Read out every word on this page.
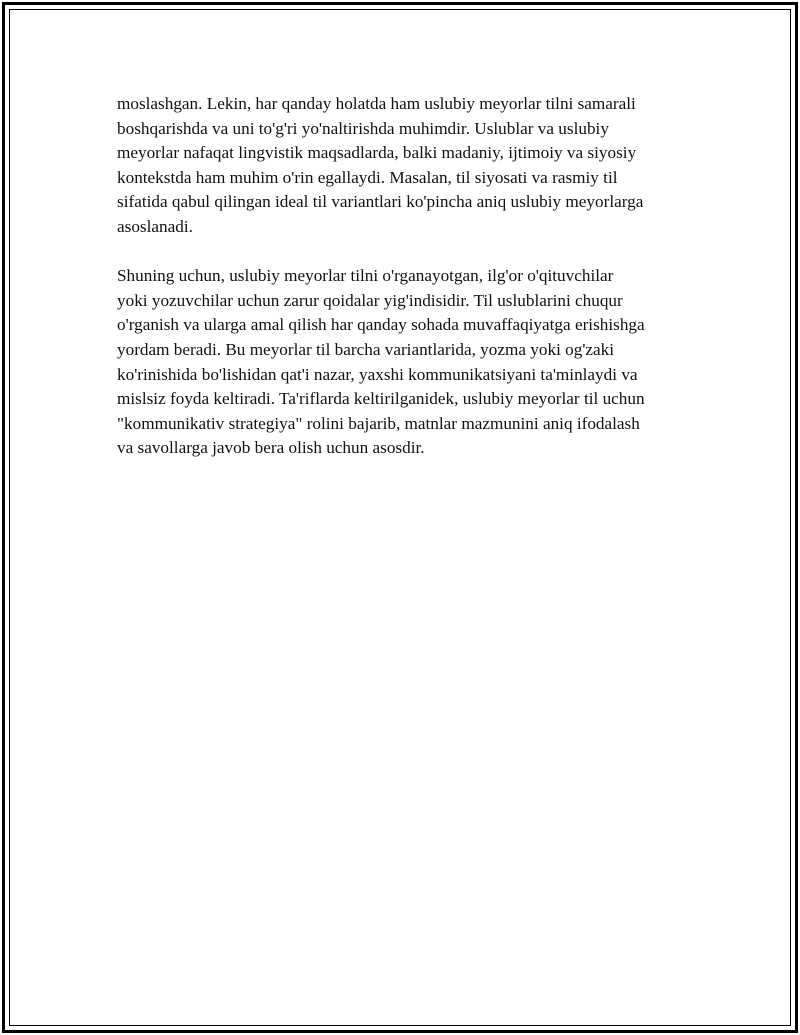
moslashgan. Lekin, har qanday holatda ham uslubiy meyorlar tilni samarali
boshqarishda va uni to'g'ri yo'naltirishda muhimdir. Uslublar va uslubiy
meyorlar nafaqat lingvistik maqsadlarda, balki madaniy, ijtimoiy va siyosiy
kontekstda ham muhim o'rin egallaydi. Masalan, til siyosati va rasmiy til
sifatida qabul qilingan ideal til variantlari ko'pincha aniq uslubiy meyorlarga
asoslanadi.

Shuning uchun, uslubiy meyorlar tilni o'rganayotgan, ilg'or o'qituvchilar
yoki yozuvchilar uchun zarur qoidalar yig'indisidir. Til uslublarini chuqur
o'rganish va ularga amal qilish har qanday sohada muvaffaqiyatga erishishga
yordam beradi. Bu meyorlar til barcha variantlarida, yozma yoki og'zaki
ko'rinishida bo'lishidan qat'i nazar, yaxshi kommunikatsiyani ta'minlaydi va
mislsiz foyda keltiradi. Ta'riflarda keltirilganidek, uslubiy meyorlar til uchun
"kommunikativ strategiya" rolini bajarib, matnlar mazmunini aniq ifodalash
va savollarga javob bera olish uchun asosdir.
